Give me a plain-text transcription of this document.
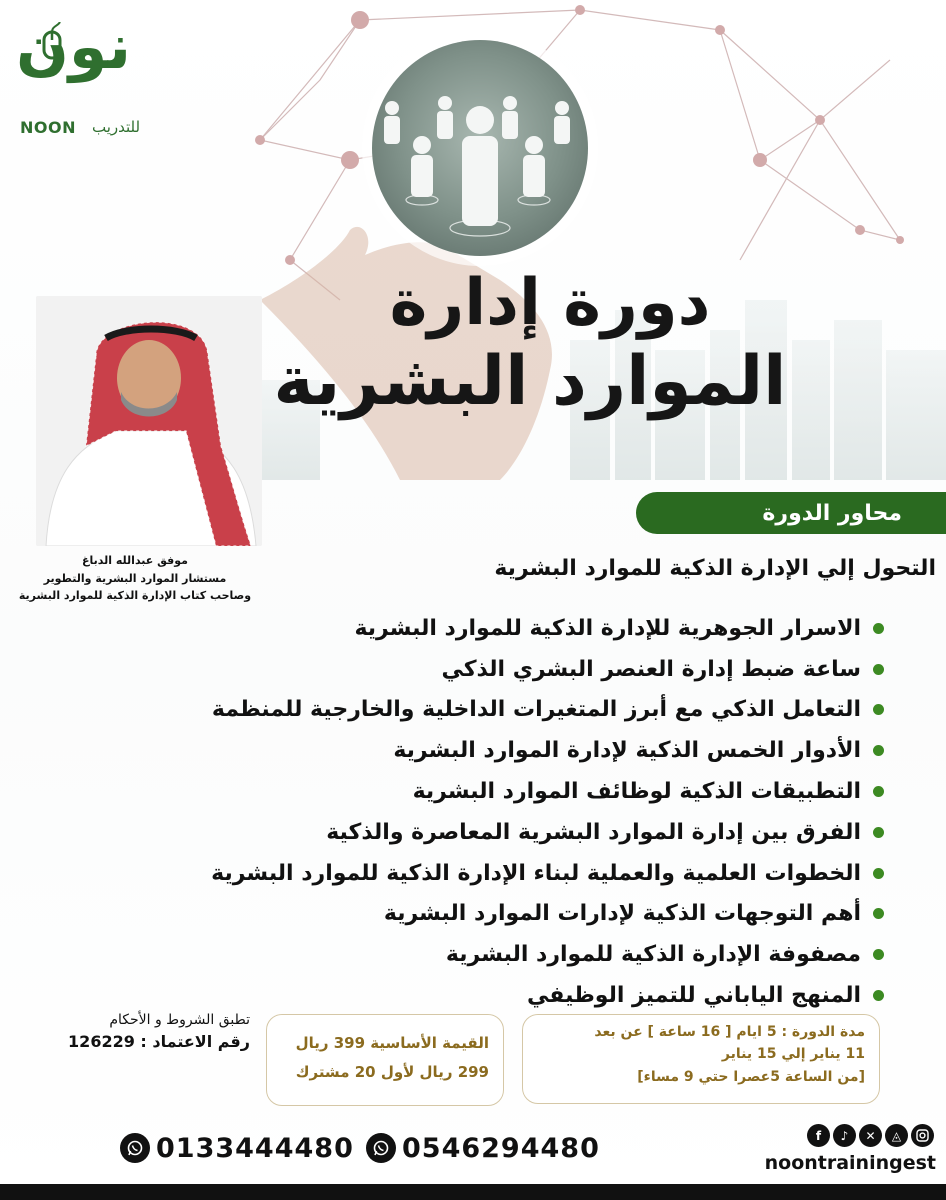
نون
NOON للتدريب
دورة إدارة
الموارد البشرية
موفق عبدالله الدباغ
مستشار الموارد البشرية والتطوير
وصاحب كتاب الإدارة الذكية للموارد البشرية
محاور الدورة
التحول إلي الإدارة الذكية للموارد البشرية
الاسرار الجوهرية للإدارة الذكية للموارد البشرية
ساعة ضبط إدارة العنصر البشري الذكي
التعامل الذكي مع أبرز المتغيرات الداخلية والخارجية للمنظمة
الأدوار الخمس الذكية لإدارة الموارد البشرية
التطبيقات الذكية لوظائف الموارد البشرية
الفرق بين إدارة الموارد البشرية المعاصرة والذكية
الخطوات العلمية والعملية لبناء الإدارة الذكية للموارد البشرية
أهم التوجهات الذكية لإدارات الموارد البشرية
مصفوفة الإدارة الذكية للموارد البشرية
المنهج الياباني للتميز الوظيفي
تطبق الشروط و الأحكام
رقم الاعتماد : 126229	القيمة الأساسية 399 ريال
299 ريال لأول 20 مشترك
مدة الدورة : 5 ايام [ 16 ساعة ] عن بعد
11 يناير إلي 15 يناير
[من الساعة 5عصرا حتي 9 مساء]
0133444480 0546294480	f	♪	✕	◬
noontrainingest
